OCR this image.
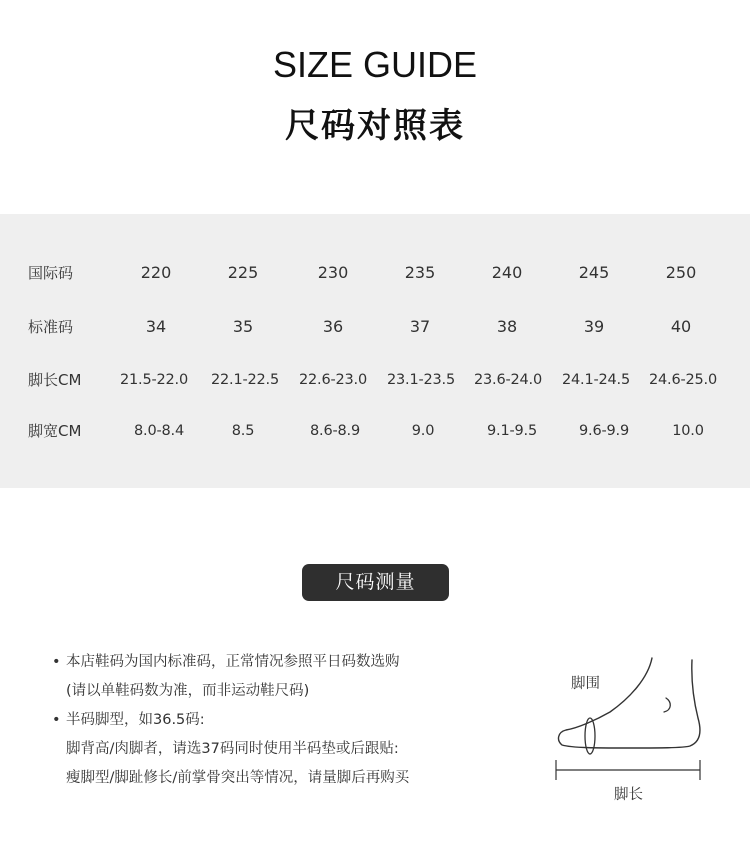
SIZE GUIDE
尺码对照表
国际码	220	225	230	235	240	245	250
标准码	34	35	36	37	38	39	40
脚长CM	21.5-22.0	22.1-22.5	22.6-23.0	23.1-23.5	23.6-24.0	24.1-24.5	24.6-25.0
脚宽CM	8.0-8.4	8.5	8.6-8.9	9.0	9.1-9.5	9.6-9.9	10.0
尺码测量
• 本店鞋码为国内标准码，正常情况参照平日码数选购
(请以单鞋码数为准，而非运动鞋尺码)
• 半码脚型，如36.5码:
脚背高/肉脚者，请选37码同时使用半码垫或后跟贴:
瘦脚型/脚趾修长/前掌骨突出等情况，请量脚后再购买
脚围
脚长
